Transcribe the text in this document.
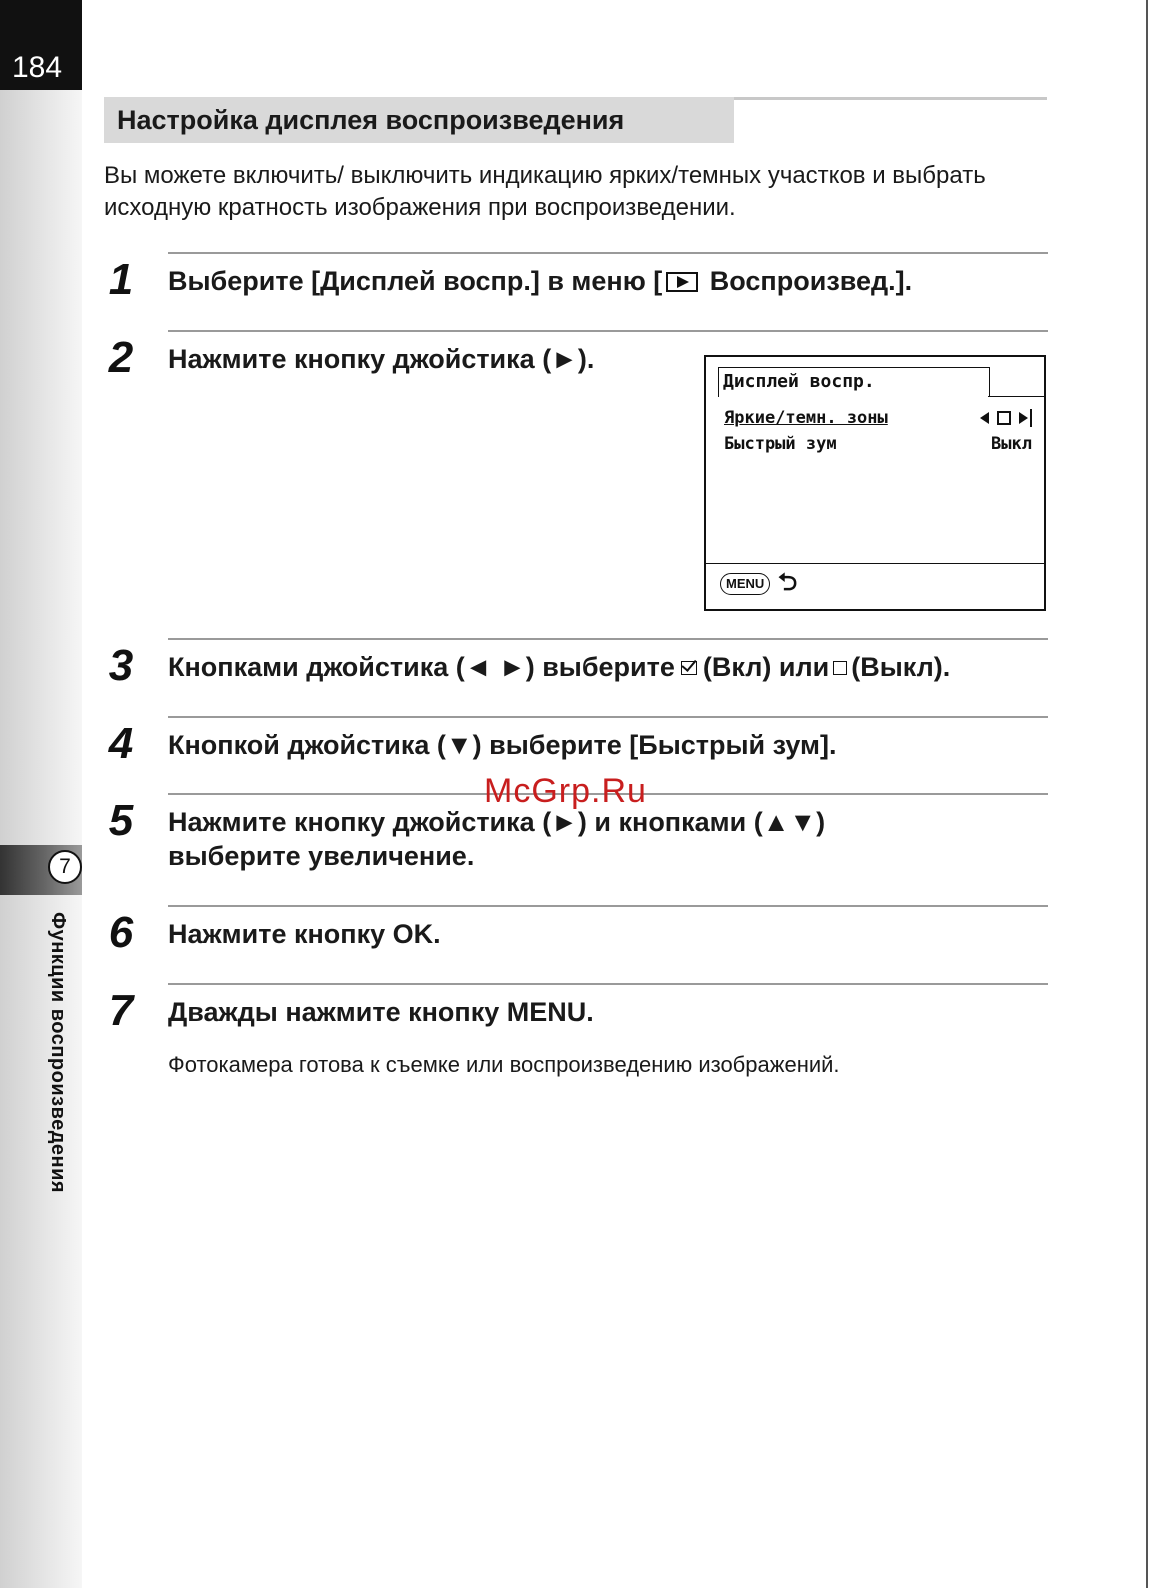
184
7
Функции воспроизведения
Настройка дисплея воспроизведения

Вы можете включить/ выключить индикацию ярких/темных участков и выбрать исходную кратность изображения при воспроизведении.

1 Выберите [Дисплей воспр.] в меню [ Воспроизвед.].
2 Нажмите кнопку джойстика (►).
Дисплей воспр.
Яркие/темн. зоны
Быстрый зум	Выкл
MENU ⮌
3 Кнопками джойстика (◄ ►) выберите (Вкл) или (Выкл).
4 Кнопкой джойстика (▼) выберите [Быстрый зум].
5 Нажмите кнопку джойстика (►) и кнопками (▲▼)
выберите увеличение.
6 Нажмите кнопку OK.
7 Дважды нажмите кнопку MENU.
Фотокамера готова к съемке или воспроизведению изображений.
McGrp.Ru
